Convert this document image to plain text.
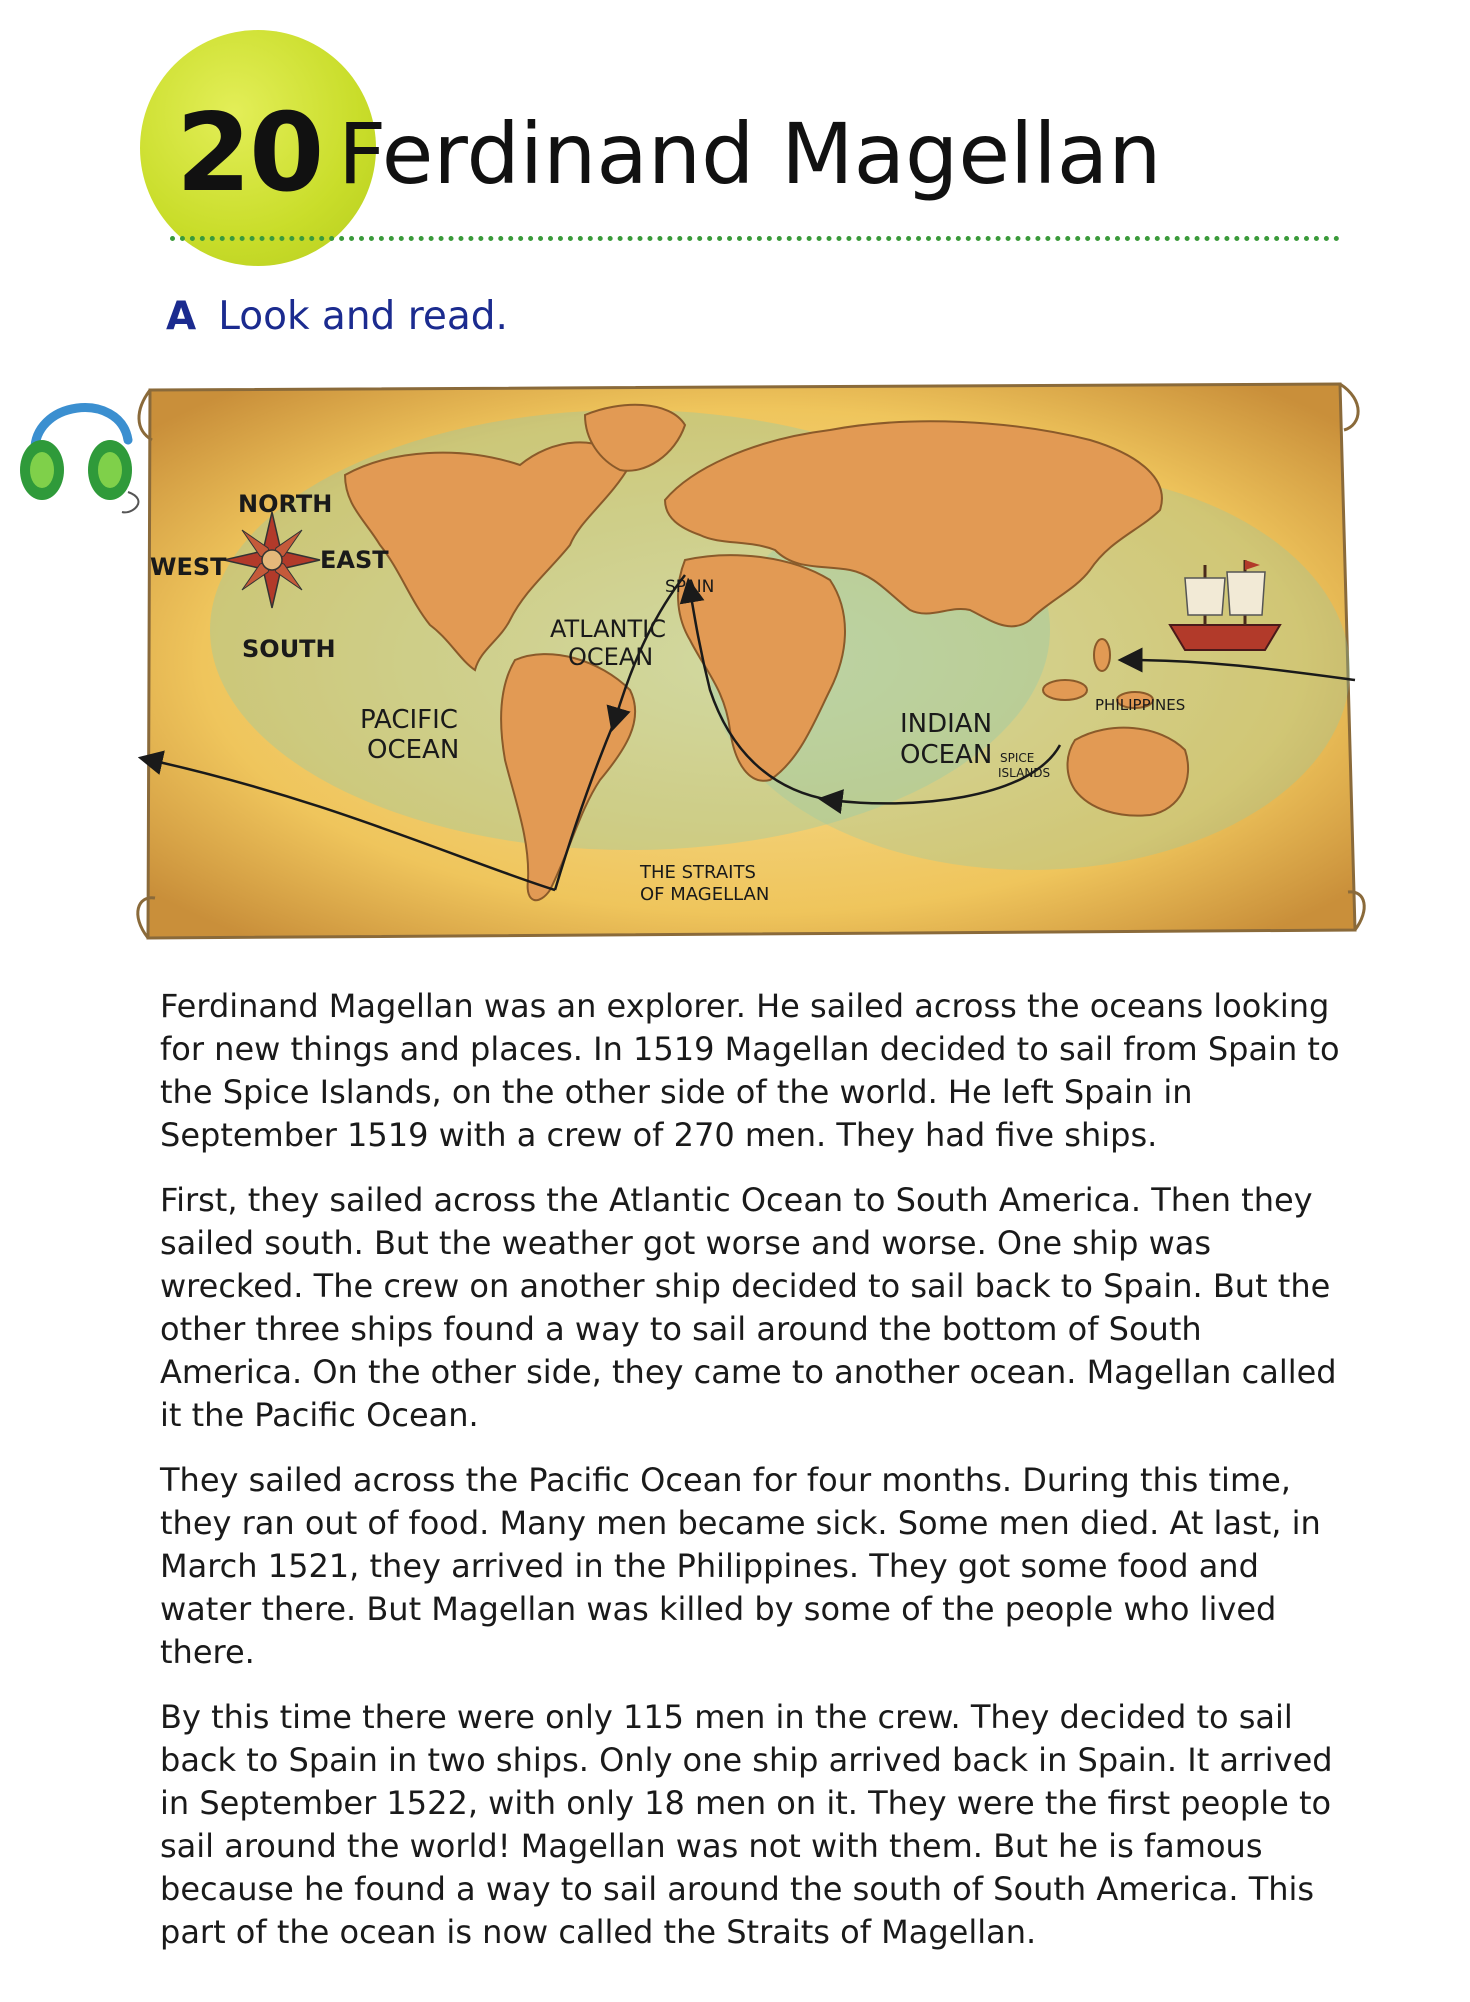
20 Ferdinand Magellan
A Look and read.
NORTH
SOUTH
EAST
WEST
PACIFIC
OCEAN
ATLANTIC
OCEAN
INDIAN
OCEAN
SPAIN
PHILIPPINES
SPICE
ISLANDS
THE STRAITS
OF MAGELLAN

Ferdinand Magellan was an explorer. He sailed across the oceans looking for new things and places. In 1519 Magellan decided to sail from Spain to the Spice Islands, on the other side of the world. He left Spain in September 1519 with a crew of 270 men. They had five ships.

First, they sailed across the Atlantic Ocean to South America. Then they sailed south. But the weather got worse and worse. One ship was wrecked. The crew on another ship decided to sail back to Spain. But the other three ships found a way to sail around the bottom of South America. On the other side, they came to another ocean. Magellan called it the Pacific Ocean.

They sailed across the Pacific Ocean for four months. During this time, they ran out of food. Many men became sick. Some men died. At last, in March 1521, they arrived in the Philippines. They got some food and water there. But Magellan was killed by some of the people who lived there.

By this time there were only 115 men in the crew. They decided to sail back to Spain in two ships. Only one ship arrived back in Spain. It arrived in September 1522, with only 18 men on it. They were the first people to sail around the world! Magellan was not with them. But he is famous because he found a way to sail around the south of South America. This part of the ocean is now called the Straits of Magellan.
